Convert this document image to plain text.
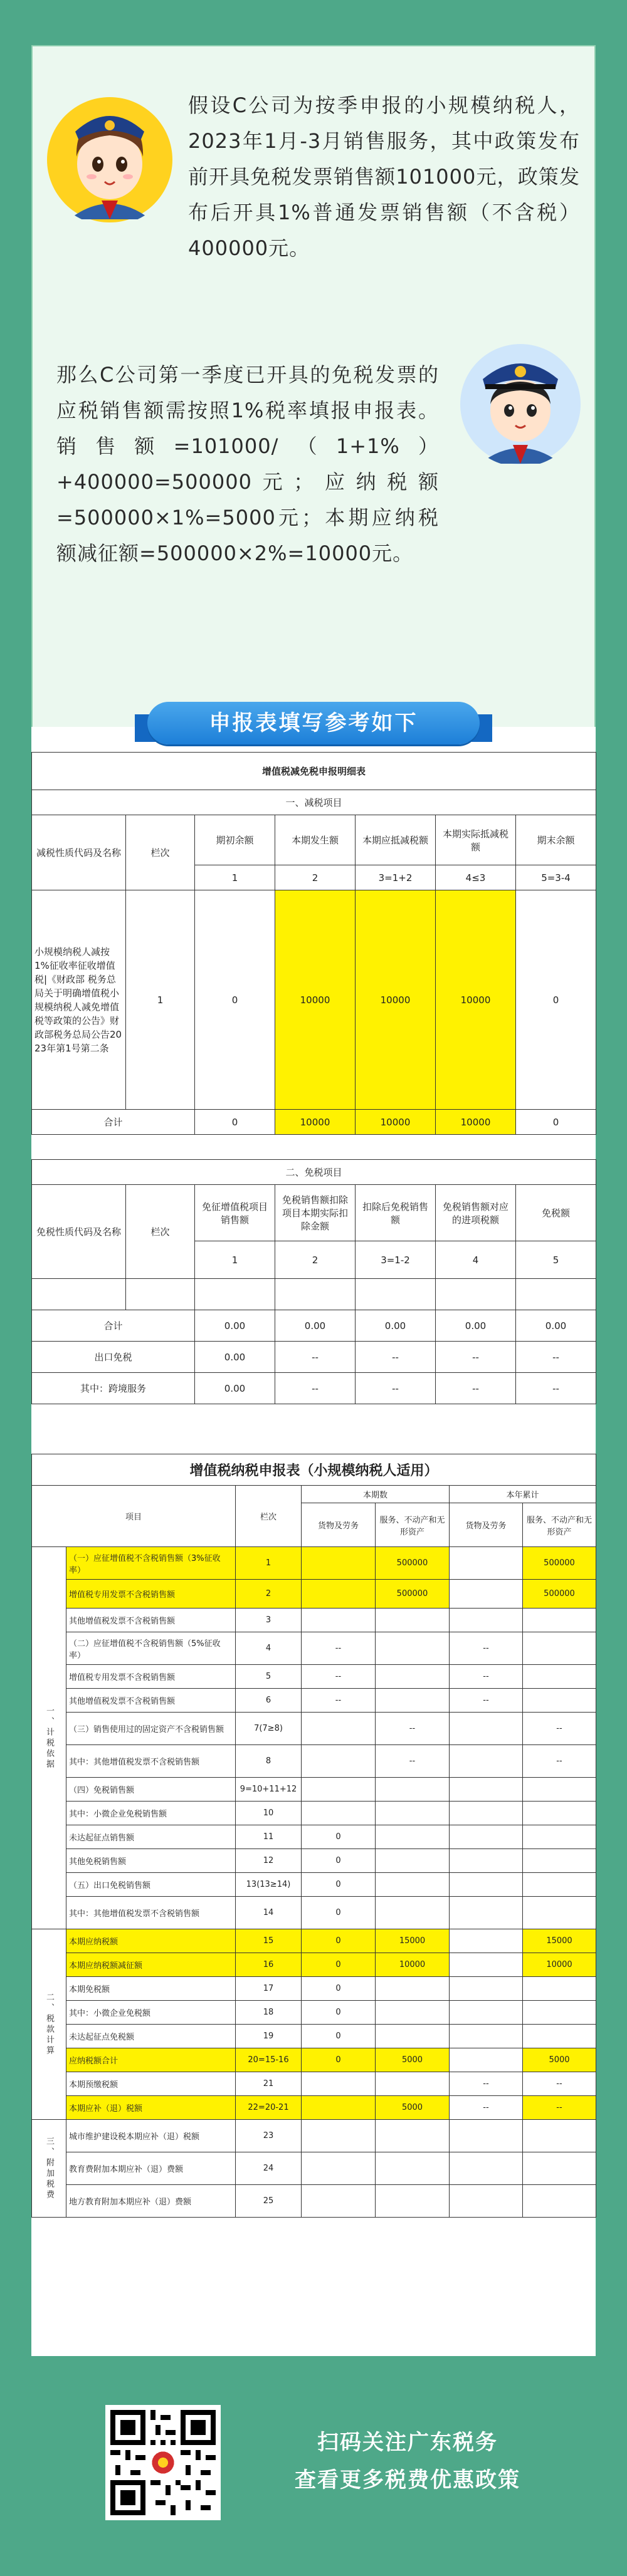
假设C公司为按季申报的小规模纳税人，2023年1月-3月销售服务，其中政策发布前开具免税发票销售额101000元，政策发布后开具1%普通发票销售额（不含税）400000元。
那么C公司第一季度已开具的免税发票的应税销售额需按照1%税率填报申报表。销售额=101000/（1+1%）+400000=500000元；应纳税额=500000×1%=5000元；本期应纳税额减征额=500000×2%=10000元。
申报表填写参考如下
增值税减免税申报明细表						
一、减税项目						
减税性质代码及名称	栏次	期初余额	本期发生额	本期应抵减税额	本期实际抵减税额	期末余额
		1	2	3=1+2	4≤3	5=3-4
小规模纳税人减按1%征收率征收增值税|《财政部 税务总局关于明确增值税小规模纳税人减免增值税等政策的公告》财政部税务总局公告2023年第1号第二条	1	0	10000	10000	10000	0
合计		0	10000	10000	10000	0

二、免税项目						
免税性质代码及名称	栏次	免征增值税项目销售额	免税销售额扣除项目本期实际扣除金额	扣除后免税销售额	免税销售额对应的进项税额	免税额
		1	2	3=1-2	4	5

合计		0.00	0.00	0.00	0.00	0.00
出口免税		0.00	--	--	--	--
其中：跨境服务		0.00	--	--	--	--
增值税纳税申报表（小规模纳税人适用）						
项目		栏次	本期数		本年累计	
			货物及劳务	服务、不动产和无形资产	货物及劳务	服务、不动产和无形资产
一、计税依据	（一）应征增值税不含税销售额（3%征收率）	1		500000		500000
	增值税专用发票不含税销售额	2		500000		500000
	其他增值税发票不含税销售额	3				
	（二）应征增值税不含税销售额（5%征收率）	4	--		--	
	增值税专用发票不含税销售额	5	--		--	
	其他增值税发票不含税销售额	6	--		--	
	（三）销售使用过的固定资产不含税销售额	7(7≥8)		--		--
	其中：其他增值税发票不含税销售额	8		--		--
	（四）免税销售额	9=10+11+12				
	其中：小微企业免税销售额	10				
	未达起征点销售额	11	0			
	其他免税销售额	12	0			
	（五）出口免税销售额	13(13≥14)	0			
	其中：其他增值税发票不含税销售额	14	0			
二、税款计算	本期应纳税额	15	0	15000		15000
	本期应纳税额减征额	16	0	10000		10000
	本期免税额	17	0			
	其中：小微企业免税额	18	0			
	未达起征点免税额	19	0			
	应纳税额合计	20=15-16	0	5000		5000
	本期预缴税额	21			--	--
	本期应补（退）税额	22=20-21		5000	--	--
三、附加税费	城市维护建设税本期应补（退）税额	23				
	教育费附加本期应补（退）费额	24				
	地方教育附加本期应补（退）费额	25				
扫码关注广东税务
查看更多税费优惠政策
